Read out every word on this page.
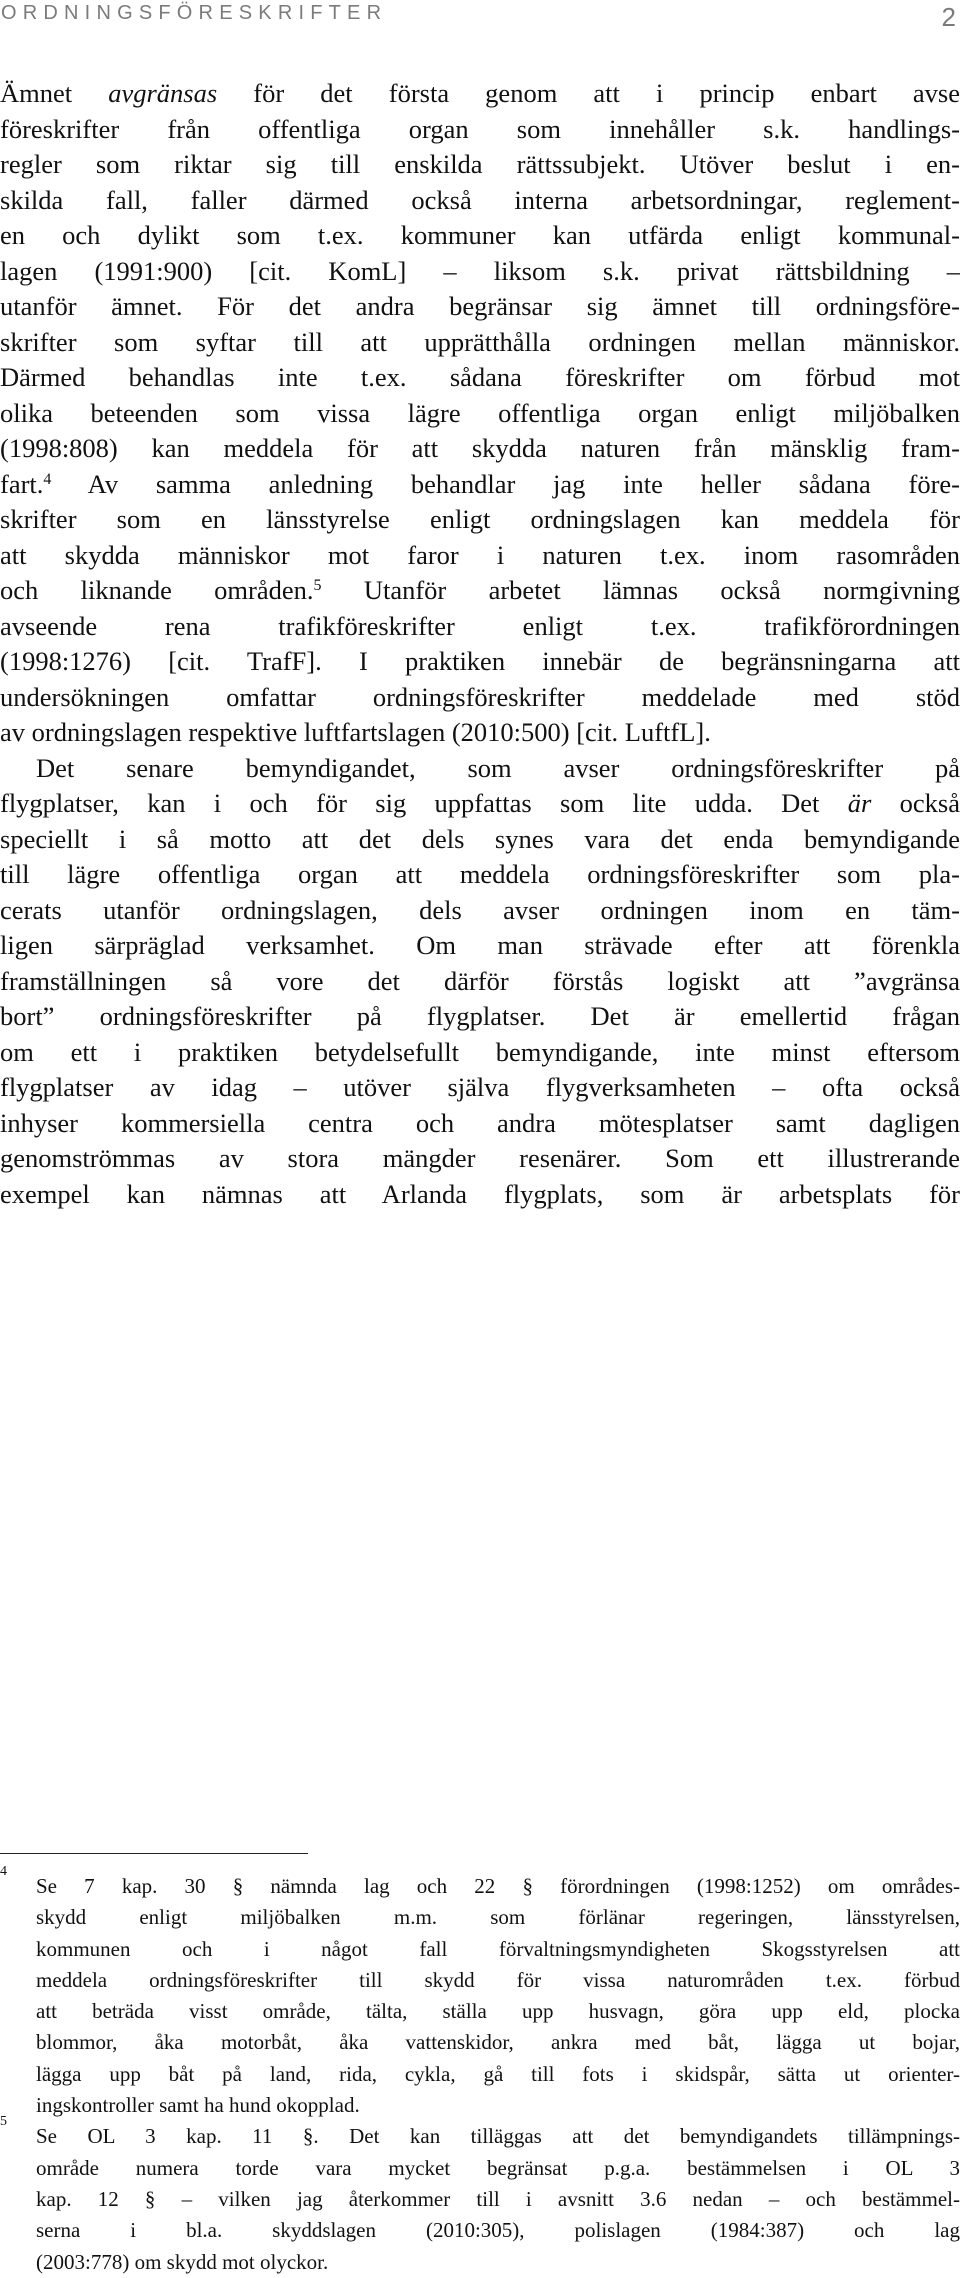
ORDNINGSFÖRESKRIFTER	2
Ämnet avgränsas för det första genom att i princip enbart avse
föreskrifter från offentliga organ som innehåller s.k. handlings-
regler som riktar sig till enskilda rättssubjekt. Utöver beslut i en-
skilda fall, faller därmed också interna arbetsordningar, reglement-
en och dylikt som t.ex. kommuner kan utfärda enligt kommunal-
lagen (1991:900) [cit. KomL] – liksom s.k. privat rättsbildning –
utanför ämnet. För det andra begränsar sig ämnet till ordningsföre-
skrifter som syftar till att upprätthålla ordningen mellan människor.
Därmed behandlas inte t.ex. sådana föreskrifter om förbud mot
olika beteenden som vissa lägre offentliga organ enligt miljöbalken
(1998:808) kan meddela för att skydda naturen från mänsklig fram-
fart.$^4$ Av samma anledning behandlar jag inte heller sådana före-
skrifter som en länsstyrelse enligt ordningslagen kan meddela för
att skydda människor mot faror i naturen t.ex. inom rasområden
och liknande områden.$^5$ Utanför arbetet lämnas också normgivning
avseende rena trafikföreskrifter enligt t.ex. trafikförordningen
(1998:1276) [cit. TrafF]. I praktiken innebär de begränsningarna att
undersökningen omfattar ordningsföreskrifter meddelade med stöd
av ordningslagen respektive luftfartslagen (2010:500) [cit. LuftfL].
Det senare bemyndigandet, som avser ordningsföreskrifter på
flygplatser, kan i och för sig uppfattas som lite udda. Det är också
speciellt i så motto att det dels synes vara det enda bemyndigande
till lägre offentliga organ att meddela ordningsföreskrifter som pla-
cerats utanför ordningslagen, dels avser ordningen inom en täm-
ligen särpräglad verksamhet. Om man strävade efter att förenkla
framställningen så vore det därför förstås logiskt att ”avgränsa
bort” ordningsföreskrifter på flygplatser. Det är emellertid frågan
om ett i praktiken betydelsefullt bemyndigande, inte minst eftersom
flygplatser av idag – utöver själva flygverksamheten – ofta också
inhyser kommersiella centra och andra mötesplatser samt dagligen
genomströmmas av stora mängder resenärer. Som ett illustrerande
exempel kan nämnas att Arlanda flygplats, som är arbetsplats för
4
Se 7 kap. 30 § nämnda lag och 22 § förordningen (1998:1252) om områdes-
skydd enligt miljöbalken m.m. som förlänar regeringen, länsstyrelsen,
kommunen och i något fall förvaltningsmyndigheten Skogsstyrelsen att
meddela ordningsföreskrifter till skydd för vissa naturområden t.ex. förbud
att beträda visst område, tälta, ställa upp husvagn, göra upp eld, plocka
blommor, åka motorbåt, åka vattenskidor, ankra med båt, lägga ut bojar,
lägga upp båt på land, rida, cykla, gå till fots i skidspår, sätta ut orienter-
ingskontroller samt ha hund okopplad.
5
Se OL 3 kap. 11 §. Det kan tilläggas att det bemyndigandets tillämpnings-
område numera torde vara mycket begränsat p.g.a. bestämmelsen i OL 3
kap. 12 § – vilken jag återkommer till i avsnitt 3.6 nedan – och bestämmel-
serna i bl.a. skyddslagen (2010:305), polislagen (1984:387) och lag
(2003:778) om skydd mot olyckor.
